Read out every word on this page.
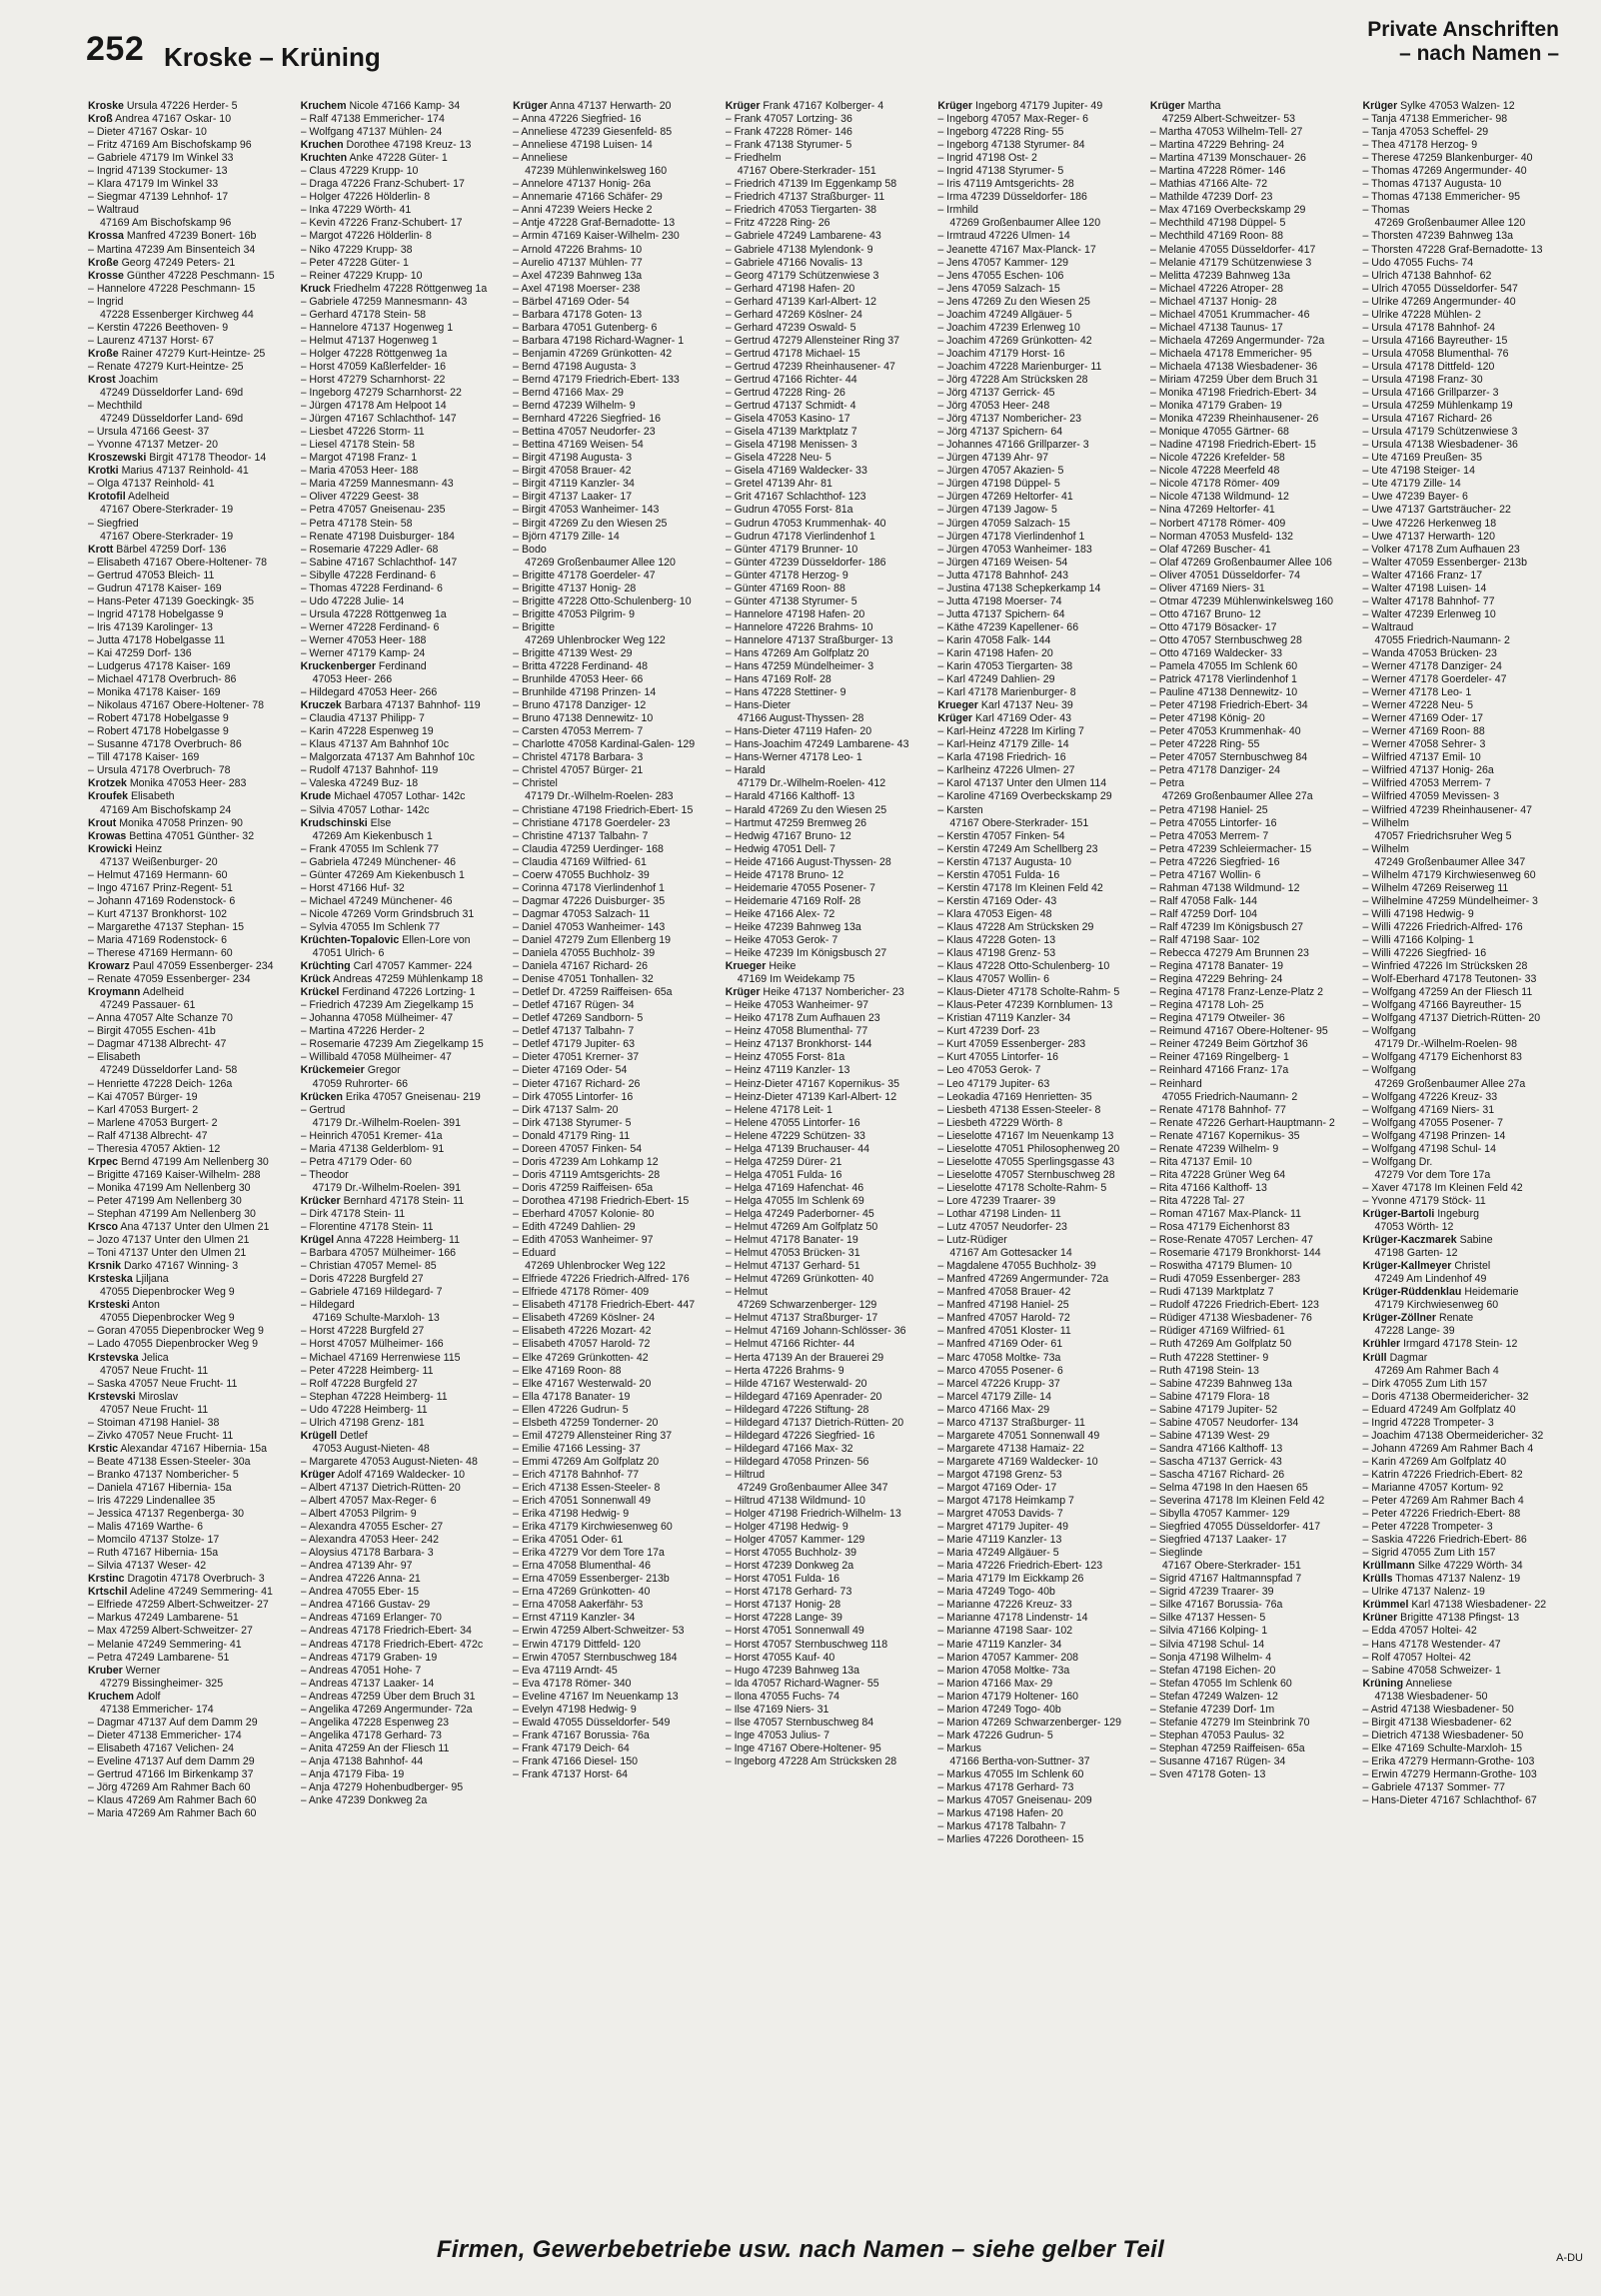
252 Kroske – Krüning
Private Anschriften
– nach Namen –
Kroske Ursula 47226 Herder- 5
Kroß Andrea 47167 Oskar- 10
– Dieter 47167 Oskar- 10
– Fritz 47169 Am Bischofskamp 96
– Gabriele 47179 Im Winkel 33
– Ingrid 47139 Stockumer- 13
– Klara 47179 Im Winkel 33
– Siegmar 47139 Lehnhof- 17
– Waltraud
47169 Am Bischofskamp 96
Krossa Manfred 47239 Bonert- 16b
– Martina 47239 Am Binsenteich 34
Kroße Georg 47249 Peters- 21
Krosse Günther 47228 Peschmann- 15
– Hannelore 47228 Peschmann- 15
– Ingrid
47228 Essenberger Kirchweg 44
– Kerstin 47226 Beethoven- 9
– Laurenz 47137 Horst- 67
Kroße Rainer 47279 Kurt-Heintze- 25
– Renate 47279 Kurt-Heintze- 25
Krost Joachim
47249 Düsseldorfer Land- 69d
– Mechthild
47249 Düsseldorfer Land- 69d
– Ursula 47166 Geest- 37
– Yvonne 47137 Metzer- 20
Kroszewski Birgit 47178 Theodor- 14
Krotki Marius 47137 Reinhold- 41
– Olga 47137 Reinhold- 41
Krotofil Adelheid
47167 Obere-Sterkrader- 19
– Siegfried
47167 Obere-Sterkrader- 19
Krott Bärbel 47259 Dorf- 136
– Elisabeth 47167 Obere-Holtener- 78
– Gertrud 47053 Bleich- 11
– Gudrun 47178 Kaiser- 169
– Hans-Peter 47139 Goeckingk- 35
– Ingrid 47178 Hobelgasse 9
– Iris 47139 Karolinger- 13
– Jutta 47178 Hobelgasse 11
– Kai 47259 Dorf- 136
– Ludgerus 47178 Kaiser- 169
– Michael 47178 Overbruch- 86
– Monika 47178 Kaiser- 169
– Nikolaus 47167 Obere-Holtener- 78
– Robert 47178 Hobelgasse 9
– Robert 47178 Hobelgasse 9
– Susanne 47178 Overbruch- 86
– Till 47178 Kaiser- 169
– Ursula 47178 Overbruch- 78
Krotzek Monika 47053 Heer- 283
Kroufek Elisabeth
47169 Am Bischofskamp 24
Krout Monika 47058 Prinzen- 90
Krowas Bettina 47051 Günther- 32
Krowicki Heinz
47137 Weißenburger- 20
– Helmut 47169 Hermann- 60
– Ingo 47167 Prinz-Regent- 51
– Johann 47169 Rodenstock- 6
– Kurt 47137 Bronkhorst- 102
– Margarethe 47137 Stephan- 15
– Maria 47169 Rodenstock- 6
– Therese 47169 Hermann- 60
Krowarz Paul 47059 Essenberger- 234
– Renate 47059 Essenberger- 234
Kroymann Adelheid
47249 Passauer- 61
– Anna 47057 Alte Schanze 70
– Birgit 47055 Eschen- 41b
– Dagmar 47138 Albrecht- 47
– Elisabeth
47249 Düsseldorfer Land- 58
– Henriette 47228 Deich- 126a
– Kai 47057 Bürger- 19
– Karl 47053 Burgert- 2
– Marlene 47053 Burgert- 2
– Ralf 47138 Albrecht- 47
– Theresia 47057 Aktien- 12
Krpec Bernd 47199 Am Nellenberg 30
– Brigitte 47169 Kaiser-Wilhelm- 288
– Monika 47199 Am Nellenberg 30
– Peter 47199 Am Nellenberg 30
– Stephan 47199 Am Nellenberg 30
Krsco Ana 47137 Unter den Ulmen 21
– Jozo 47137 Unter den Ulmen 21
– Toni 47137 Unter den Ulmen 21
Krsnik Darko 47167 Winning- 3
Krsteska Ljiljana
47055 Diepenbrocker Weg 9
Krsteski Anton
47055 Diepenbrocker Weg 9
– Goran 47055 Diepenbrocker Weg 9
– Lado 47055 Diepenbrocker Weg 9
Krstevska Jelica
47057 Neue Frucht- 11
– Saska 47057 Neue Frucht- 11
Krstevski Miroslav
47057 Neue Frucht- 11
– Stoiman 47198 Haniel- 38
– Zivko 47057 Neue Frucht- 11
Krstic Alexandar 47167 Hibernia- 15a
– Beate 47138 Essen-Steeler- 30a
– Branko 47137 Nombericher- 5
– Daniela 47167 Hibernia- 15a
– Iris 47229 Lindenallee 35
– Jessica 47137 Regenberga- 30
– Malis 47169 Warthe- 6
– Momcilo 47137 Stolze- 17
– Ruth 47167 Hibernia- 15a
– Silvia 47137 Weser- 42
Krstinc Dragotin 47178 Overbruch- 3
Krtschil Adeline 47249 Semmering- 41
– Elfriede 47259 Albert-Schweitzer- 27
– Markus 47249 Lambarene- 51
– Max 47259 Albert-Schweitzer- 27
– Melanie 47249 Semmering- 41
– Petra 47249 Lambarene- 51
Kruber Werner
47279 Bissingheimer- 325
Kruchem Adolf
47138 Emmericher- 174
– Dagmar 47137 Auf dem Damm 29
– Dieter 47138 Emmericher- 174
– Elisabeth 47167 Velichen- 24
– Eveline 47137 Auf dem Damm 29
– Gertrud 47166 Im Birkenkamp 37
– Jörg 47269 Am Rahmer Bach 60
– Klaus 47269 Am Rahmer Bach 60
– Maria 47269 Am Rahmer Bach 60
Kruchem Nicole 47166 Kamp- 34
– Ralf 47138 Emmericher- 174
– Wolfgang 47137 Mühlen- 24
Kruchen Dorothee 47198 Kreuz- 13
Kruchten Anke 47228 Güter- 1
– Claus 47229 Krupp- 10
– Draga 47226 Franz-Schubert- 17
– Holger 47226 Hölderlin- 8
– Inka 47229 Wörth- 41
– Kevin 47226 Franz-Schubert- 17
– Margot 47226 Hölderlin- 8
– Niko 47229 Krupp- 38
– Peter 47228 Güter- 1
– Reiner 47229 Krupp- 10
Kruck Friedhelm 47228 Röttgenweg 1a
– Gabriele 47259 Mannesmann- 43
– Gerhard 47178 Stein- 58
– Hannelore 47137 Hogenweg 1
– Helmut 47137 Hogenweg 1
– Holger 47228 Röttgenweg 1a
– Horst 47059 Kaßlerfelder- 16
– Horst 47279 Scharnhorst- 22
– Ingeborg 47279 Scharnhorst- 22
– Jürgen 47178 Am Helpoot 14
– Jürgen 47167 Schlachthof- 147
– Liesbet 47226 Storm- 11
– Liesel 47178 Stein- 58
– Margot 47198 Franz- 1
– Maria 47053 Heer- 188
– Maria 47259 Mannesmann- 43
– Oliver 47229 Geest- 38
– Petra 47057 Gneisenau- 235
– Petra 47178 Stein- 58
– Renate 47198 Duisburger- 184
– Rosemarie 47229 Adler- 68
– Sabine 47167 Schlachthof- 147
– Sibylle 47228 Ferdinand- 6
– Thomas 47228 Ferdinand- 6
– Udo 47228 Julie- 14
– Ursula 47228 Röttgenweg 1a
– Werner 47228 Ferdinand- 6
– Werner 47053 Heer- 188
– Werner 47179 Kamp- 24
Kruckenberger Ferdinand
47053 Heer- 266
– Hildegard 47053 Heer- 266
Kruczek Barbara 47137 Bahnhof- 119
– Claudia 47137 Philipp- 7
– Karin 47228 Espenweg 19
– Klaus 47137 Am Bahnhof 10c
– Malgorzata 47137 Am Bahnhof 10c
– Rudolf 47137 Bahnhof- 119
– Valeska 47249 Buz- 18
Krude Michael 47057 Lothar- 142c
– Silvia 47057 Lothar- 142c
Krudschinski Else
47269 Am Kiekenbusch 1
– Frank 47055 Im Schlenk 77
– Gabriela 47249 Münchener- 46
– Günter 47269 Am Kiekenbusch 1
– Horst 47166 Huf- 32
– Michael 47249 Münchener- 46
– Nicole 47269 Vorm Grindsbruch 31
– Sylvia 47055 Im Schlenk 77
Krüchten-Topalovic Ellen-Lore von
47051 Ulrich- 6
Krüchting Carl 47057 Kammer- 224
Krück Andreas 47259 Mühlenkamp 18
Krückel Ferdinand 47226 Lortzing- 1
– Friedrich 47239 Am Ziegelkamp 15
– Johanna 47058 Mülheimer- 47
– Martina 47226 Herder- 2
– Rosemarie 47239 Am Ziegelkamp 15
– Willibald 47058 Mülheimer- 47
Krückemeier Gregor
47059 Ruhrorter- 66
Krücken Erika 47057 Gneisenau- 219
– Gertrud
47179 Dr.-Wilhelm-Roelen- 391
– Heinrich 47051 Kremer- 41a
– Maria 47138 Gelderblom- 91
– Petra 47179 Oder- 60
– Theodor
47179 Dr.-Wilhelm-Roelen- 391
Krücker Bernhard 47178 Stein- 11
– Dirk 47178 Stein- 11
– Florentine 47178 Stein- 11
Krügel Anna 47228 Heimberg- 11
– Barbara 47057 Mülheimer- 166
– Christian 47057 Memel- 85
– Doris 47228 Burgfeld 27
– Gabriele 47169 Hildegard- 7
– Hildegard
47169 Schulte-Marxloh- 13
– Horst 47228 Burgfeld 27
– Horst 47057 Mülheimer- 166
– Michael 47169 Herrenwiese 115
– Peter 47228 Heimberg- 11
– Rolf 47228 Burgfeld 27
– Stephan 47228 Heimberg- 11
– Udo 47228 Heimberg- 11
– Ulrich 47198 Grenz- 181
Krügell Detlef
47053 August-Nieten- 48
– Margarete 47053 August-Nieten- 48
Krüger Adolf 47169 Waldecker- 10
– Albert 47137 Dietrich-Rütten- 20
– Albert 47057 Max-Reger- 6
– Albert 47053 Pilgrim- 9
– Alexandra 47055 Escher- 27
– Alexandra 47053 Heer- 242
– Aloysius 47178 Barbara- 3
– Andrea 47139 Ahr- 97
– Andrea 47226 Anna- 21
– Andrea 47055 Eber- 15
– Andrea 47166 Gustav- 29
– Andreas 47169 Erlanger- 70
– Andreas 47178 Friedrich-Ebert- 34
– Andreas 47178 Friedrich-Ebert- 472c
– Andreas 47179 Graben- 19
– Andreas 47051 Hohe- 7
– Andreas 47137 Laaker- 14
– Andreas 47259 Über dem Bruch 31
– Angelika 47269 Angermunder- 72a
– Angelika 47228 Espenweg 23
– Angelika 47178 Gerhard- 73
– Anita 47259 An der Fliesch 11
– Anja 47138 Bahnhof- 44
– Anja 47179 Fiba- 19
– Anja 47279 Hohenbudberger- 95
– Anke 47239 Donkweg 2a
Krüger Anna 47137 Herwarth- 20
– Anna 47226 Siegfried- 16
– Anneliese 47239 Giesenfeld- 85
– Anneliese 47198 Luisen- 14
– Anneliese
47239 Mühlenwinkelsweg 160
– Annelore 47137 Honig- 26a
– Annemarie 47166 Schäfer- 29
– Anni 47239 Weiers Hecke 2
– Antje 47228 Graf-Bernadotte- 13
– Armin 47169 Kaiser-Wilhelm- 230
– Arnold 47226 Brahms- 10
– Aurelio 47137 Mühlen- 77
– Axel 47239 Bahnweg 13a
– Axel 47198 Moerser- 238
– Bärbel 47169 Oder- 54
– Barbara 47178 Goten- 13
– Barbara 47051 Gutenberg- 6
– Barbara 47198 Richard-Wagner- 1
– Benjamin 47269 Grünkotten- 42
– Bernd 47198 Augusta- 3
– Bernd 47179 Friedrich-Ebert- 133
– Bernd 47166 Max- 29
– Bernd 47239 Wilhelm- 9
– Bernhard 47226 Siegfried- 16
– Bettina 47057 Neudorfer- 23
– Bettina 47169 Weisen- 54
– Birgit 47198 Augusta- 3
– Birgit 47058 Brauer- 42
– Birgit 47119 Kanzler- 34
– Birgit 47137 Laaker- 17
– Birgit 47053 Wanheimer- 143
– Birgit 47269 Zu den Wiesen 25
– Björn 47179 Zille- 14
– Bodo
47269 Großenbaumer Allee 120
– Brigitte 47178 Goerdeler- 47
– Brigitte 47137 Honig- 28
– Brigitte 47228 Otto-Schulenberg- 10
– Brigitte 47053 Pilgrim- 9
– Brigitte
47269 Uhlenbrocker Weg 122
– Brigitte 47139 West- 29
– Britta 47228 Ferdinand- 48
– Brunhilde 47053 Heer- 66
– Brunhilde 47198 Prinzen- 14
– Bruno 47178 Danziger- 12
– Bruno 47138 Dennewitz- 10
– Carsten 47053 Merrem- 7
– Charlotte 47058 Kardinal-Galen- 129
– Christel 47178 Barbara- 3
– Christel 47057 Bürger- 21
– Christel
47179 Dr.-Wilhelm-Roelen- 283
– Christiane 47198 Friedrich-Ebert- 15
– Christiane 47178 Goerdeler- 23
– Christine 47137 Talbahn- 7
– Claudia 47259 Uerdinger- 168
– Claudia 47169 Wilfried- 61
– Coerw 47055 Buchholz- 39
– Corinna 47178 Vierlindenhof 1
– Dagmar 47226 Duisburger- 35
– Dagmar 47053 Salzach- 11
– Daniel 47053 Wanheimer- 143
– Daniel 47279 Zum Ellenberg 19
– Daniela 47055 Buchholz- 39
– Daniela 47167 Richard- 26
– Denise 47051 Tonhallen- 32
– Detlef Dr. 47259 Raiffeisen- 65a
– Detlef 47167 Rügen- 34
– Detlef 47269 Sandborn- 5
– Detlef 47137 Talbahn- 7
– Detlef 47179 Jupiter- 63
– Dieter 47051 Krerner- 37
– Dieter 47169 Oder- 54
– Dieter 47167 Richard- 26
– Dirk 47055 Lintorfer- 16
– Dirk 47137 Salm- 20
– Dirk 47138 Styrumer- 5
– Donald 47179 Ring- 11
– Doreen 47057 Finken- 54
– Doris 47239 Am Lohkamp 12
– Doris 47119 Amtsgerichts- 28
– Doris 47259 Raiffeisen- 65a
– Dorothea 47198 Friedrich-Ebert- 15
– Eberhard 47057 Koloniе- 80
– Edith 47249 Dahlien- 29
– Edith 47053 Wanheimer- 97
– Eduard
47269 Uhlenbrocker Weg 122
– Elfriede 47226 Friedrich-Alfred- 176
– Elfriede 47178 Römer- 409
– Elisabeth 47178 Friedrich-Ebert- 447
– Elisabeth 47269 Köslner- 24
– Elisabeth 47226 Mozart- 42
– Elisabeth 47057 Harold- 72
– Elke 47269 Grünkotten- 42
– Elke 47169 Roon- 88
– Elke 47167 Westerwald- 20
– Ella 47178 Banater- 19
– Ellen 47226 Gudrun- 5
– Elsbeth 47259 Tonderner- 20
– Emil 47279 Allensteiner Ring 37
– Emilie 47166 Lessing- 37
– Emmi 47269 Am Golfplatz 20
– Erich 47178 Bahnhof- 77
– Erich 47138 Essen-Steeler- 8
– Erich 47051 Sonnenwall 49
– Erika 47198 Hedwig- 9
– Erika 47179 Kirchwiesenweg 60
– Erika 47051 Oder- 61
– Erika 47279 Vor dem Tore 17a
– Erna 47058 Blumenthal- 46
– Erna 47059 Essenberger- 213b
– Erna 47269 Grünkotten- 40
– Erna 47058 Aakerfähr- 53
– Ernst 47119 Kanzler- 34
– Erwin 47259 Albert-Schweitzer- 53
– Erwin 47179 Dittfeld- 120
– Erwin 47057 Sternbuschweg 184
– Eva 47119 Arndt- 45
– Eva 47178 Römer- 340
– Eveline 47167 Im Neuenkamp 13
– Evelyn 47198 Hedwig- 9
– Ewald 47055 Düsseldorfer- 549
– Frank 47167 Borussia- 76a
– Frank 47179 Deich- 64
– Frank 47166 Diesel- 150
– Frank 47137 Horst- 64
Krüger Frank 47167 Kolberger- 4
– Frank 47057 Lortzing- 36
– Frank 47228 Römer- 146
– Frank 47138 Styrumer- 5
– Friedhelm
47167 Obere-Sterkrader- 151
– Friedrich 47139 Im Eggenkamp 58
– Friedrich 47137 Straßburger- 11
– Friedrich 47053 Tiergarten- 38
– Fritz 47228 Ring- 26
– Gabriele 47249 Lambarene- 43
– Gabriele 47138 Mylendonk- 9
– Gabriele 47166 Novalis- 13
– Georg 47179 Schützenwiese 3
– Gerhard 47198 Hafen- 20
– Gerhard 47139 Karl-Albert- 12
– Gerhard 47269 Köslner- 24
– Gerhard 47239 Oswald- 5
– Gertrud 47279 Allensteiner Ring 37
– Gertrud 47178 Michael- 15
– Gertrud 47239 Rheinhausener- 47
– Gertrud 47166 Richter- 44
– Gertrud 47228 Ring- 26
– Gertrud 47137 Schmidt- 4
– Gisela 47053 Kasino- 17
– Gisela 47139 Marktplatz 7
– Gisela 47198 Menissen- 3
– Gisela 47228 Neu- 5
– Gisela 47169 Waldecker- 33
– Gretel 47139 Ahr- 81
– Grit 47167 Schlachthof- 123
– Gudrun 47055 Forst- 81a
– Gudrun 47053 Krummenhak- 40
– Gudrun 47178 Vierlindenhof 1
– Günter 47179 Brunner- 10
– Günter 47239 Düsseldorfer- 186
– Günter 47178 Herzog- 9
– Günter 47169 Roon- 88
– Günter 47138 Styrumer- 5
– Hannelore 47198 Hafen- 20
– Hannelore 47226 Brahms- 10
– Hannelore 47137 Straßburger- 13
– Hans 47269 Am Golfplatz 20
– Hans 47259 Mündelheimer- 3
– Hans 47169 Rolf- 28
– Hans 47228 Stettiner- 9
– Hans-Dieter
47166 August-Thyssen- 28
– Hans-Dieter 47119 Hafen- 20
– Hans-Joachim 47249 Lambarene- 43
– Hans-Werner 47178 Leo- 1
– Harald
47179 Dr.-Wilhelm-Roelen- 412
– Harald 47166 Kalthoff- 13
– Harald 47269 Zu den Wiesen 25
– Hartmut 47259 Bremweg 26
– Hedwig 47167 Bruno- 12
– Hedwig 47051 Dell- 7
– Heide 47166 August-Thyssen- 28
– Heide 47178 Bruno- 12
– Heidemarie 47055 Posener- 7
– Heidemarie 47169 Rolf- 28
– Heike 47166 Alex- 72
– Heike 47239 Bahnweg 13a
– Heike 47053 Gerok- 7
– Heike 47239 Im Königsbusch 27
Krueger Heike
47169 Im Weidekamp 75
Krüger Heike 47137 Nombericher- 23
– Heike 47053 Wanheimer- 97
– Heiko 47178 Zum Aufhauen 23
– Heinz 47058 Blumenthal- 77
– Heinz 47137 Bronkhorst- 144
– Heinz 47055 Forst- 81a
– Heinz 47119 Kanzler- 13
– Heinz-Dieter 47167 Kopernikus- 35
– Heinz-Dieter 47139 Karl-Albert- 12
– Helene 47178 Leit- 1
– Helene 47055 Lintorfer- 16
– Helene 47229 Schützen- 33
– Helga 47139 Bruchauser- 44
– Helga 47259 Dürer- 21
– Helga 47051 Fulda- 16
– Helga 47169 Hafenchat- 46
– Helga 47055 Im Schlenk 69
– Helga 47249 Paderborner- 45
– Helmut 47269 Am Golfplatz 50
– Helmut 47178 Banater- 19
– Helmut 47053 Brücken- 31
– Helmut 47137 Gerhard- 51
– Helmut 47269 Grünkotten- 40
– Helmut
47269 Schwarzenberger- 129
– Helmut 47137 Straßburger- 17
– Helmut 47169 Johann-Schlösser- 36
– Helmut 47166 Richter- 44
– Herta 47139 An der Brauerei 29
– Herta 47226 Brahms- 9
– Hilde 47167 Westerwald- 20
– Hildegard 47169 Apenrader- 20
– Hildegard 47226 Stiftung- 28
– Hildegard 47137 Dietrich-Rütten- 20
– Hildegard 47226 Siegfried- 16
– Hildegard 47166 Max- 32
– Hildegard 47058 Prinzen- 56
– Hiltrud
47249 Großenbaumer Allee 347
– Hiltrud 47138 Wildmund- 10
– Holger 47198 Friedrich-Wilhelm- 13
– Holger 47198 Hedwig- 9
– Holger 47057 Kammer- 129
– Horst 47055 Buchholz- 39
– Horst 47239 Donkweg 2a
– Horst 47051 Fulda- 16
– Horst 47178 Gerhard- 73
– Horst 47137 Honig- 28
– Horst 47228 Lange- 39
– Horst 47051 Sonnenwall 49
– Horst 47057 Sternbuschweg 118
– Horst 47055 Kauf- 40
– Hugo 47239 Bahnweg 13a
– Ida 47057 Richard-Wagner- 55
– Ilona 47055 Fuchs- 74
– Ilse 47169 Niers- 31
– Ilse 47057 Sternbuschweg 84
– Inge 47053 Julius- 7
– Inge 47167 Obere-Holtener- 95
– Ingeborg 47228 Am Strücksken 28
Krüger Ingeborg 47179 Jupiter- 49
– Ingeborg 47057 Max-Reger- 6
– Ingeborg 47228 Ring- 55
– Ingeborg 47138 Styrumer- 84
– Ingrid 47198 Ost- 2
– Ingrid 47138 Styrumer- 5
– Iris 47119 Amtsgerichts- 28
– Irma 47239 Düsseldorfer- 186
– Irmhild
47269 Großenbaumer Allee 120
– Irmtraud 47226 Ulmen- 14
– Jeanette 47167 Max-Planck- 17
– Jens 47057 Kammer- 129
– Jens 47055 Eschen- 106
– Jens 47059 Salzach- 15
– Jens 47269 Zu den Wiesen 25
– Joachim 47249 Allgäuer- 5
– Joachim 47239 Erlenweg 10
– Joachim 47269 Grünkotten- 42
– Joachim 47179 Horst- 16
– Joachim 47228 Marienburger- 11
– Jörg 47228 Am Strücksken 28
– Jörg 47137 Gerrick- 45
– Jörg 47053 Heer- 248
– Jörg 47137 Nombericher- 23
– Jörg 47137 Spichern- 64
– Johannes 47166 Grillparzer- 3
– Jürgen 47139 Ahr- 97
– Jürgen 47057 Akazien- 5
– Jürgen 47198 Düppel- 5
– Jürgen 47269 Heltorfer- 41
– Jürgen 47139 Jagow- 5
– Jürgen 47059 Salzach- 15
– Jürgen 47178 Vierlindenhof 1
– Jürgen 47053 Wanheimer- 183
– Jürgen 47169 Weisen- 54
– Jutta 47178 Bahnhof- 243
– Justina 47138 Schepkerkamp 14
– Jutta 47198 Moerser- 74
– Jutta 47137 Spichern- 64
– Käthe 47239 Kapellener- 66
– Karin 47058 Falk- 144
– Karin 47198 Hafen- 20
– Karin 47053 Tiergarten- 38
– Karl 47249 Dahlien- 29
– Karl 47178 Marienburger- 8
Krueger Karl 47137 Neu- 39
Krüger Karl 47169 Oder- 43
– Karl-Heinz 47228 Im Kirling 7
– Karl-Heinz 47179 Zille- 14
– Karla 47198 Friedrich- 16
– Karlheinz 47226 Ulmen- 27
– Karol 47137 Unter den Ulmen 114
– Karoline 47169 Overbeckskamp 29
– Karsten
47167 Obere-Sterkrader- 151
– Kerstin 47057 Finken- 54
– Kerstin 47249 Am Schellberg 23
– Kerstin 47137 Augusta- 10
– Kerstin 47051 Fulda- 16
– Kerstin 47178 Im Kleinen Feld 42
– Kerstin 47169 Oder- 43
– Klara 47053 Eigen- 48
– Klaus 47228 Am Strücksken 29
– Klaus 47228 Goten- 13
– Klaus 47198 Grenz- 53
– Klaus 47228 Otto-Schulenberg- 10
– Klaus 47057 Wollin- 6
– Klaus-Dieter 47178 Scholte-Rahm- 5
– Klaus-Peter 47239 Kornblumen- 13
– Kristian 47119 Kanzler- 34
– Kurt 47239 Dorf- 23
– Kurt 47059 Essenberger- 283
– Kurt 47055 Lintorfer- 16
– Leo 47053 Gerok- 7
– Leo 47179 Jupiter- 63
– Leokadia 47169 Henrietten- 35
– Liesbeth 47138 Essen-Steeler- 8
– Liesbeth 47229 Wörth- 8
– Lieselotte 47167 Im Neuenkamp 13
– Lieselotte 47051 Philosophenweg 20
– Lieselotte 47055 Sperlingsgasse 43
– Lieselotte 47057 Sternbuschweg 28
– Lieselotte 47178 Scholte-Rahm- 5
– Lore 47239 Traarer- 39
– Lothar 47198 Linden- 11
– Lutz 47057 Neudorfer- 23
– Lutz-Rüdiger
47167 Am Gottesacker 14
– Magdalene 47055 Buchholz- 39
– Manfred 47269 Angermunder- 72a
– Manfred 47058 Brauer- 42
– Manfred 47198 Haniel- 25
– Manfred 47057 Harold- 72
– Manfred 47051 Kloster- 11
– Manfred 47169 Oder- 61
– Marc 47058 Moltke- 73a
– Marco 47055 Posener- 6
– Marcel 47226 Krupp- 37
– Marcel 47179 Zille- 14
– Marco 47166 Max- 29
– Marco 47137 Straßburger- 11
– Margarete 47051 Sonnenwall 49
– Margarete 47138 Hamaiz- 22
– Margarete 47169 Waldecker- 10
– Margot 47198 Grenz- 53
– Margot 47169 Oder- 17
– Margot 47178 Heimkamp 7
– Margret 47053 Davids- 7
– Margret 47179 Jupiter- 49
– Marie 47119 Kanzler- 13
– Maria 47249 Allgäuer- 5
– Maria 47226 Friedrich-Ebert- 123
– Maria 47179 Im Eickkamp 26
– Maria 47249 Togo- 40b
– Marianne 47226 Kreuz- 33
– Marianne 47178 Lindenstr- 14
– Marianne 47198 Saar- 102
– Marie 47119 Kanzler- 34
– Marion 47057 Kammer- 208
– Marion 47058 Moltke- 73a
– Marion 47166 Max- 29
– Marion 47179 Holtener- 160
– Marion 47249 Togo- 40b
– Marion 47269 Schwarzenberger- 129
– Mark 47226 Gudrun- 5
– Markus
47166 Bertha-von-Suttner- 37
– Markus 47055 Im Schlenk 60
– Markus 47178 Gerhard- 73
– Markus 47057 Gneisenau- 209
– Markus 47198 Hafen- 20
– Markus 47178 Talbahn- 7
– Marlies 47226 Dorotheen- 15
Krüger Martha
47259 Albert-Schweitzer- 53
– Martha 47053 Wilhelm-Tell- 27
– Martina 47229 Behring- 24
– Martina 47139 Monschauer- 26
– Martina 47228 Römer- 146
– Mathias 47166 Alte- 72
– Mathilde 47239 Dorf- 23
– Max 47169 Overbeckskamp 29
– Mechthild 47198 Düppel- 5
– Mechthild 47169 Roon- 88
– Melanie 47055 Düsseldorfer- 417
– Melanie 47179 Schützenwiese 3
– Melitta 47239 Bahnweg 13a
– Michael 47226 Atroper- 28
– Michael 47137 Honig- 28
– Michael 47051 Krummacher- 46
– Michael 47138 Taunus- 17
– Michaela 47269 Angermunder- 72a
– Michaela 47178 Emmericher- 95
– Michaela 47138 Wiesbadener- 36
– Miriam 47259 Über dem Bruch 31
– Monika 47198 Friedrich-Ebert- 34
– Monika 47179 Graben- 19
– Monika 47239 Rheinhausener- 26
– Monique 47055 Gärtner- 68
– Nadine 47198 Friedrich-Ebert- 15
– Nicole 47226 Krefelder- 58
– Nicole 47228 Meerfeld 48
– Nicole 47178 Römer- 409
– Nicole 47138 Wildmund- 12
– Nina 47269 Heltorfer- 41
– Norbert 47178 Römer- 409
– Norman 47053 Musfeld- 132
– Olaf 47269 Buscher- 41
– Olaf 47269 Großenbaumer Allee 106
– Oliver 47051 Düsseldorfer- 74
– Oliver 47169 Niers- 31
– Otmar 47239 Mühlenwinkelsweg 160
– Otto 47167 Bruno- 12
– Otto 47179 Bösacker- 17
– Otto 47057 Sternbuschweg 28
– Otto 47169 Waldecker- 33
– Pamela 47055 Im Schlenk 60
– Patrick 47178 Vierlindenhof 1
– Pauline 47138 Dennewitz- 10
– Peter 47198 Friedrich-Ebert- 34
– Peter 47198 König- 20
– Peter 47053 Krummenhak- 40
– Peter 47228 Ring- 55
– Peter 47057 Sternbuschweg 84
– Petra 47178 Danziger- 24
– Petra
47269 Großenbaumer Allee 27a
– Petra 47198 Haniel- 25
– Petra 47055 Lintorfer- 16
– Petra 47053 Merrem- 7
– Petra 47239 Schleiermacher- 15
– Petra 47226 Siegfried- 16
– Petra 47167 Wollin- 6
– Rahman 47138 Wildmund- 12
– Ralf 47058 Falk- 144
– Ralf 47259 Dorf- 104
– Ralf 47239 Im Königsbusch 27
– Ralf 47198 Saar- 102
– Rebecca 47279 Am Brunnen 23
– Regina 47178 Banater- 19
– Regina 47229 Behring- 24
– Regina 47178 Franz-Lenze-Platz 2
– Regina 47178 Loh- 25
– Regina 47179 Otweiler- 36
– Reimund 47167 Obere-Holtener- 95
– Reiner 47249 Beim Görtzhof 36
– Reiner 47169 Ringelberg- 1
– Reinhard 47166 Franz- 17a
– Reinhard
47055 Friedrich-Naumann- 2
– Renate 47178 Bahnhof- 77
– Renate 47226 Gerhart-Hauptmann- 2
– Renate 47167 Kopernikus- 35
– Renate 47239 Wilhelm- 9
– Rita 47137 Emil- 10
– Rita 47228 Grüner Weg 64
– Rita 47166 Kalthoff- 13
– Rita 47228 Tal- 27
– Roman 47167 Max-Planck- 11
– Rosa 47179 Eichenhorst 83
– Rose-Renate 47057 Lerchen- 47
– Rosemarie 47179 Bronkhorst- 144
– Roswitha 47179 Blumen- 10
– Rudi 47059 Essenberger- 283
– Rudi 47139 Marktplatz 7
– Rudolf 47226 Friedrich-Ebert- 123
– Rüdiger 47138 Wiesbadener- 76
– Rüdiger 47169 Wilfried- 61
– Ruth 47269 Am Golfplatz 50
– Ruth 47228 Stettiner- 9
– Ruth 47198 Stein- 13
– Sabine 47239 Bahnweg 13a
– Sabine 47179 Flora- 18
– Sabine 47179 Jupiter- 52
– Sabine 47057 Neudorfer- 134
– Sabine 47139 West- 29
– Sandra 47166 Kalthoff- 13
– Sascha 47137 Gerrick- 43
– Sascha 47167 Richard- 26
– Selma 47198 In den Haesen 65
– Severina 47178 Im Kleinen Feld 42
– Sibylla 47057 Kammer- 129
– Siegfried 47055 Düsseldorfer- 417
– Siegfried 47137 Laaker- 17
– Sieglinde
47167 Obere-Sterkrader- 151
– Sigrid 47167 Haltmannspfad 7
– Sigrid 47239 Traarer- 39
– Silke 47167 Borussia- 76a
– Silke 47137 Hessen- 5
– Silvia 47166 Kolping- 1
– Silvia 47198 Schul- 14
– Sonja 47198 Wilhelm- 4
– Stefan 47198 Eichen- 20
– Stefan 47055 Im Schlenk 60
– Stefan 47249 Walzen- 12
– Stefanie 47239 Dorf- 1m
– Stefanie 47279 Im Steinbrink 70
– Stephan 47053 Paulus- 32
– Stephan 47259 Raiffeisen- 65a
– Susanne 47167 Rügen- 34
– Sven 47178 Goten- 13
Krüger Sylke 47053 Walzen- 12
– Tanja 47138 Emmericher- 98
– Tanja 47053 Scheffel- 29
– Thea 47178 Herzog- 9
– Therese 47259 Blankenburger- 40
– Thomas 47269 Angermunder- 40
– Thomas 47137 Augusta- 10
– Thomas 47138 Emmericher- 95
– Thomas
47269 Großenbaumer Allee 120
– Thorsten 47239 Bahnweg 13a
– Thorsten 47228 Graf-Bernadotte- 13
– Udo 47055 Fuchs- 74
– Ulrich 47138 Bahnhof- 62
– Ulrich 47055 Düsseldorfer- 547
– Ulrike 47269 Angermunder- 40
– Ulrike 47228 Mühlen- 2
– Ursula 47178 Bahnhof- 24
– Ursula 47166 Bayreuther- 15
– Ursula 47058 Blumenthal- 76
– Ursula 47178 Dittfeld- 120
– Ursula 47198 Franz- 30
– Ursula 47166 Grillparzer- 3
– Ursula 47259 Mühlenkamp 19
– Ursula 47167 Richard- 26
– Ursula 47179 Schützenwiese 3
– Ursula 47138 Wiesbadener- 36
– Ute 47169 Preußen- 35
– Ute 47198 Steiger- 14
– Ute 47179 Zille- 14
– Uwe 47239 Bayer- 6
– Uwe 47137 Gartsträucher- 22
– Uwe 47226 Herkenweg 18
– Uwe 47137 Herwarth- 120
– Volker 47178 Zum Aufhauen 23
– Walter 47059 Essenberger- 213b
– Walter 47166 Franz- 17
– Walter 47198 Luisen- 14
– Walter 47178 Bahnhof- 77
– Walter 47239 Erlenweg 10
– Waltraud
47055 Friedrich-Naumann- 2
– Wanda 47053 Brücken- 23
– Werner 47178 Danziger- 24
– Werner 47178 Goerdeler- 47
– Werner 47178 Leo- 1
– Werner 47228 Neu- 5
– Werner 47169 Oder- 17
– Werner 47169 Roon- 88
– Werner 47058 Sehrer- 3
– Wilfried 47137 Emil- 10
– Wilfried 47137 Honig- 26a
– Wilfried 47053 Merrem- 7
– Wilfried 47059 Mevissen- 3
– Wilfried 47239 Rheinhausener- 47
– Wilhelm
47057 Friedrichsruher Weg 5
– Wilhelm
47249 Großenbaumer Allee 347
– Wilhelm 47179 Kirchwiesenweg 60
– Wilhelm 47269 Reiserweg 11
– Wilhelmine 47259 Mündelheimer- 3
– Willi 47198 Hedwig- 9
– Willi 47226 Friedrich-Alfred- 176
– Willi 47166 Kolping- 1
– Willi 47226 Siegfried- 16
– Winfried 47226 Im Strücksken 28
– Wolf-Eberhard 47178 Teutonen- 33
– Wolfgang 47259 An der Fliesch 11
– Wolfgang 47166 Bayreuther- 15
– Wolfgang 47137 Dietrich-Rütten- 20
– Wolfgang
47179 Dr.-Wilhelm-Roelen- 98
– Wolfgang 47179 Eichenhorst 83
– Wolfgang
47269 Großenbaumer Allee 27a
– Wolfgang 47226 Kreuz- 33
– Wolfgang 47169 Niers- 31
– Wolfgang 47055 Posener- 7
– Wolfgang 47198 Prinzen- 14
– Wolfgang 47198 Schul- 14
– Wolfgang Dr.
47279 Vor dem Tore 17a
– Xaver 47178 Im Kleinen Feld 42
– Yvonne 47179 Stöck- 11
Krüger-Bartoli Ingeburg
47053 Wörth- 12
Krüger-Kaczmarek Sabine
47198 Garten- 12
Krüger-Kallmeyer Christel
47249 Am Lindenhof 49
Krüger-Rüddenklau Heidemarie
47179 Kirchwiesenweg 60
Krüger-Zöllner Renate
47228 Lange- 39
Krühler Irmgard 47178 Stein- 12
Krüll Dagmar
47269 Am Rahmer Bach 4
– Dirk 47055 Zum Lith 157
– Doris 47138 Obermeidericher- 32
– Eduard 47249 Am Golfplatz 40
– Ingrid 47228 Trompeter- 3
– Joachim 47138 Obermeidericher- 32
– Johann 47269 Am Rahmer Bach 4
– Karin 47269 Am Golfplatz 40
– Katrin 47226 Friedrich-Ebert- 82
– Marianne 47057 Kortum- 92
– Peter 47269 Am Rahmer Bach 4
– Peter 47226 Friedrich-Ebert- 88
– Peter 47228 Trompeter- 3
– Saskia 47226 Friedrich-Ebert- 86
– Sigrid 47055 Zum Lith 157
Krüllmann Silke 47229 Wörth- 34
Krülls Thomas 47137 Nalenz- 19
– Ulrike 47137 Nalenz- 19
Krümmel Karl 47138 Wiesbadener- 22
Krüner Brigitte 47138 Pfingst- 13
– Edda 47057 Holtei- 42
– Hans 47178 Westender- 47
– Rolf 47057 Holtei- 42
– Sabine 47058 Schweizer- 1
Krüning Anneliese
47138 Wiesbadener- 50
– Astrid 47138 Wiesbadener- 50
– Birgit 47138 Wiesbadener- 62
– Dietrich 47138 Wiesbadener- 50
– Elke 47169 Schulte-Marxloh- 15
– Erika 47279 Hermann-Grothe- 103
– Erwin 47279 Hermann-Grothe- 103
– Gabriele 47137 Sommer- 77
– Hans-Dieter 47167 Schlachthof- 67
Firmen, Gewerbebetriebe usw. nach Namen – siehe gelber Teil	A-DU
